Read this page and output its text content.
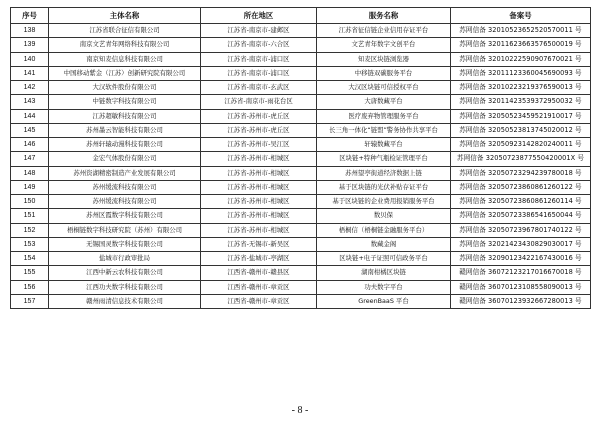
序号	主体名称	所在地区	服务名称	备案号
138	江苏省联合征信有限公司	江苏省-南京市-建邺区	江苏省征信链企业信用存证平台	苏网信备 32010523652520570011 号
139	南京文艺青年网络科技有限公司	江苏省-南京市-六合区	文艺青年数字文创平台	苏网信备 32011623663576500019 号
140	南京知麦信息科技有限公司	江苏省-南京市-浦口区	知麦区块链浏览器	苏网信备 32010222590907670021 号
141	中国移动紫金（江苏）创新研究院有限公司	江苏省-南京市-浦口区	中移链双碳服务平台	苏网信备 32011123360045690093 号
142	大汉软件股份有限公司	江苏省-南京市-玄武区	大汉区块链可信授权平台	苏网信备 32010223219376590013 号
143	中链数字科技有限公司	江苏省-南京市-雨花台区	大唐数藏平台	苏网信备 32011423539372950032 号
144	江苏超敏科技有限公司	江苏省-苏州市-虎丘区	医疗废弃物管理服务平台	苏网信备 32050523459521910017 号
145	苏州墨云智能科技有限公司	江苏省-苏州市-虎丘区	长三角一体化“链盟”警务协作共享平台	苏网信备 32050523813745020012 号
146	苏州轩辕动漫科技有限公司	江苏省-苏州市-吴江区	轩辕数藏平台	苏网信备 32050923142820240011 号
147	金宏气体股份有限公司	江苏省-苏州市-相城区	区块链+特种气瓶检证管理平台	苏网信备 32050723877550420001X 号
148	苏州资湖精密制造产业发展有限公司	江苏省-苏州市-相城区	苏州望亭街道经济数据上链	苏网信备 32050723294239780018 号
149	苏州缓流科技有限公司	江苏省-苏州市-相城区	基于区块链的光伏补贴存证平台	苏网信备 32050723860861260122 号
150	苏州缓流科技有限公司	江苏省-苏州市-相城区	基于区块链的企业费用报销服务平台	苏网信备 32050723860861260114 号
151	苏州区霞数字科技有限公司	江苏省-苏州市-相城区	数贝保	苏网信备 32050723386541650044 号
152	梧桐链数字科技研究院（苏州）有限公司	江苏省-苏州市-相城区	梧桐信（梧桐链金融服务平台）	苏网信备 32050723967801740122 号
153	无锡国灵数字科技有限公司	江苏省-无锡市-新吴区	数藏金阁	苏网信备 32021423430829030017 号
154	盐城市行政审批局	江苏省-盐城市-亭湖区	区块链+电子证照可信政务平台	苏网信备 32090123422167430016 号
155	江西中新云农科技有限公司	江西省-赣州市-赣县区	湖南柑橘区块链	赣网信备 36072123217016670018 号
156	江西功夫数字科技有限公司	江西省-赣州市-章贡区	功夫数字平台	赣网信备 36070123108558090013 号
157	赣州雨清信息技术有限公司	江西省-赣州市-章贡区	GreenBaaS 平台	赣网信备 36070123932667280013 号
- 8 -
